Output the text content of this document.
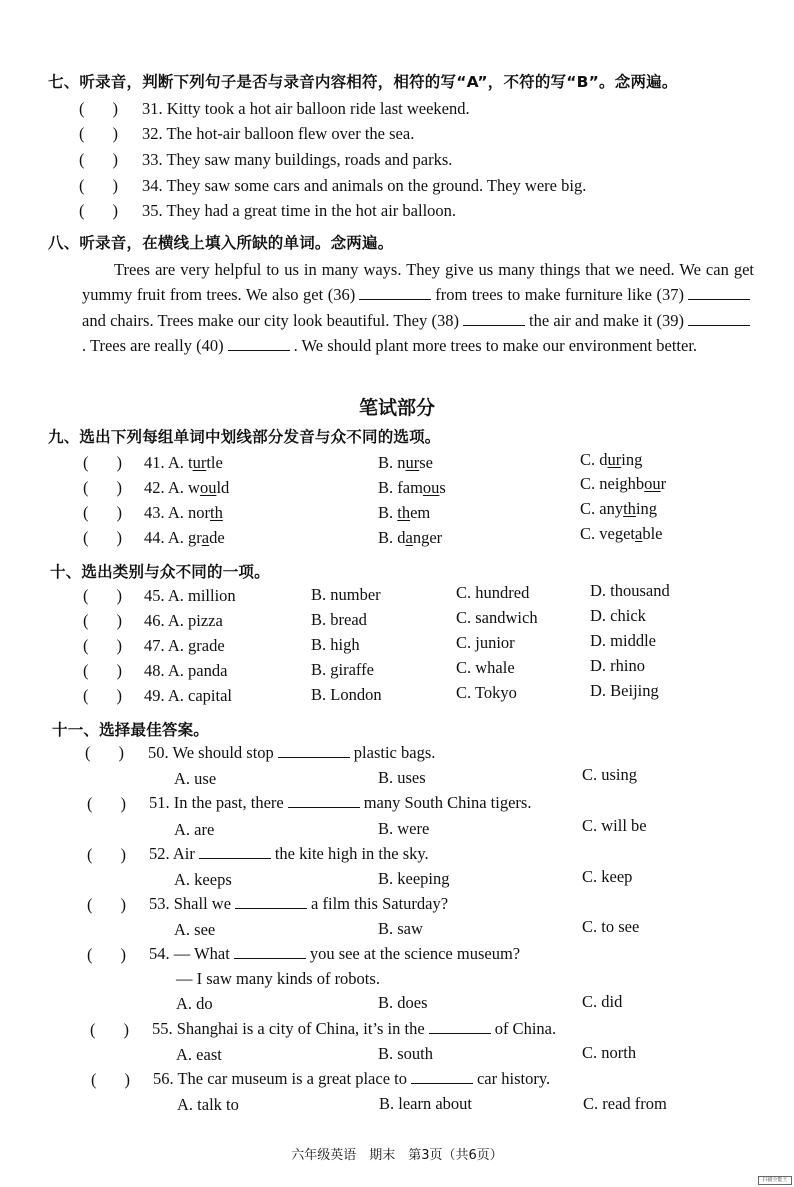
七、听录音，判断下列句子是否与录音内容相符，相符的写“A”，不符的写“B”。念两遍。
( )
31. Kitty took a hot air balloon ride last weekend.
( )
32. The hot-air balloon flew over the sea.
( )
33. They saw many buildings, roads and parks.
( )
34. They saw some cars and animals on the ground. They were big.
( )
35. They had a great time in the hot air balloon.
八、听录音，在横线上填入所缺的单词。念两遍。
Trees are very helpful to us in many ways. They give us many things that we need. We can get yummy fruit from trees. We also get (36)	from trees to make furniture like (37)and chairs. Trees make our city look beautiful. They (38)	the air and make it (39). Trees are really (40)	. We should plant more trees to make our environment better.
笔试部分
九、选出下列每组单词中划线部分发音与众不同的选项。
( )
41. A. turtle	B. nurse	C. during
( )
42. A. would	B. famous	C. neighbour
( )
43. A. north	B. them	C. anything
( )
44. A. grade	B. danger	C. vegetable
十、选出类别与众不同的一项。
( )
45. A. million	B. number	C. hundred	D. thousand
( )
46. A. pizza	B. bread	C. sandwich	D. chick
( )
47. A. grade	B. high	C. junior	D. middle
( )
48. A. panda	B. giraffe	C. whale	D. rhino
( )
49. A. capital	B. London	C. Tokyo	D. Beijing
十一、选择最佳答案。
( )
50. We should stop	plastic bags.
A. use	B. uses	C. using
( )
51. In the past, there	many South China tigers.
A. are	B. were	C. will be
( )
52. Air	the kite high in the sky.
A. keeps	B. keeping	C. keep
( )
53. Shall we	a film this Saturday?
A. see	B. saw	C. to see
( )
54. — What	you see at the science museum?
— I saw many kinds of robots.
A. do	B. does	C. did
( )
55. Shanghai is a city of China, it’s in the	of China.
A. east	B. south	C. north
( )
56. The car museum is a great place to	car history.
A. talk to	B. learn about	C. read from
六年级英语　期末　第3页（共6页）
扫描全能王
